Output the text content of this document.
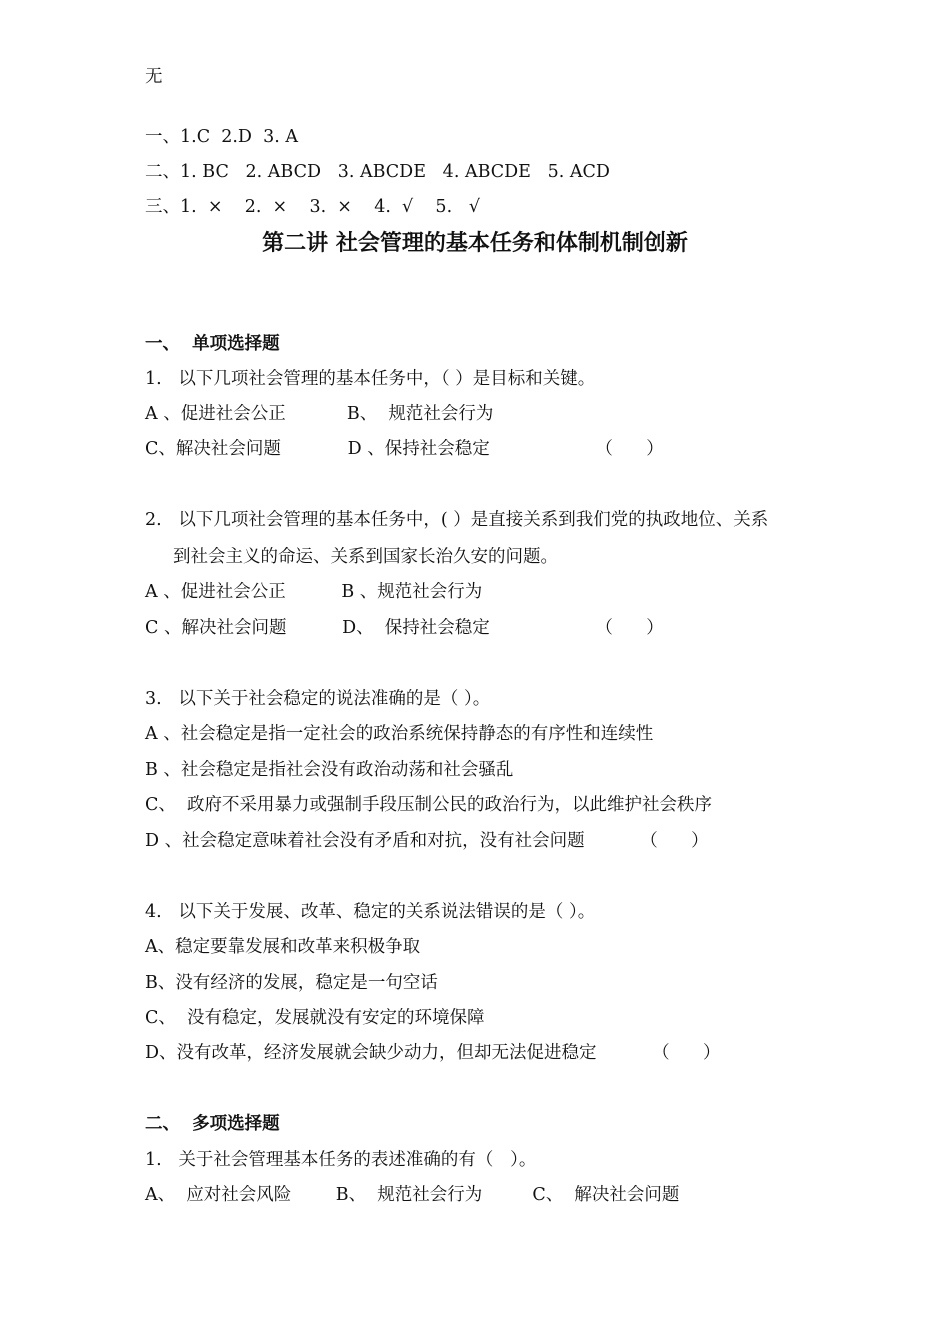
无
一、1.C  2.D  3. A
二、1. BC   2. ABCD   3. ABCDE   4. ABCDE   5. ACD
三、1.  ×    2.  ×    3.  ×    4.  √    5.   √
第二讲 社会管理的基本任务和体制机制创新
一、  单项选择题
1.   以下几项社会管理的基本任务中，（ ）是目标和关键。
A 、促进社会公正           B、  规范社会行为
C、解决社会问题            D 、保持社会稳定                   （      ）
2.   以下几项社会管理的基本任务中，( ）是直接关系到我们党的执政地位、关系
到社会主义的命运、关系到国家长治久安的问题。
A 、促进社会公正          B 、规范社会行为
C 、解决社会问题          D、  保持社会稳定                   （      ）
3.   以下关于社会稳定的说法准确的是（ ）。
A 、社会稳定是指一定社会的政治系统保持静态的有序性和连续性
B 、社会稳定是指社会没有政治动荡和社会骚乱
C、  政府不采用暴力或强制手段压制公民的政治行为，以此维护社会秩序
D 、社会稳定意味着社会没有矛盾和对抗，没有社会问题          （      ）
4.   以下关于发展、改革、稳定的关系说法错误的是（ ）。
A、稳定要靠发展和改革来积极争取
B、没有经济的发展，稳定是一句空话
C、  没有稳定，发展就没有安定的环境保障
D、没有改革，经济发展就会缺少动力，但却无法促进稳定          （      ）
二、  多项选择题
1.   关于社会管理基本任务的表述准确的有（   ）。
A、  应对社会风险        B、  规范社会行为         C、  解决社会问题
